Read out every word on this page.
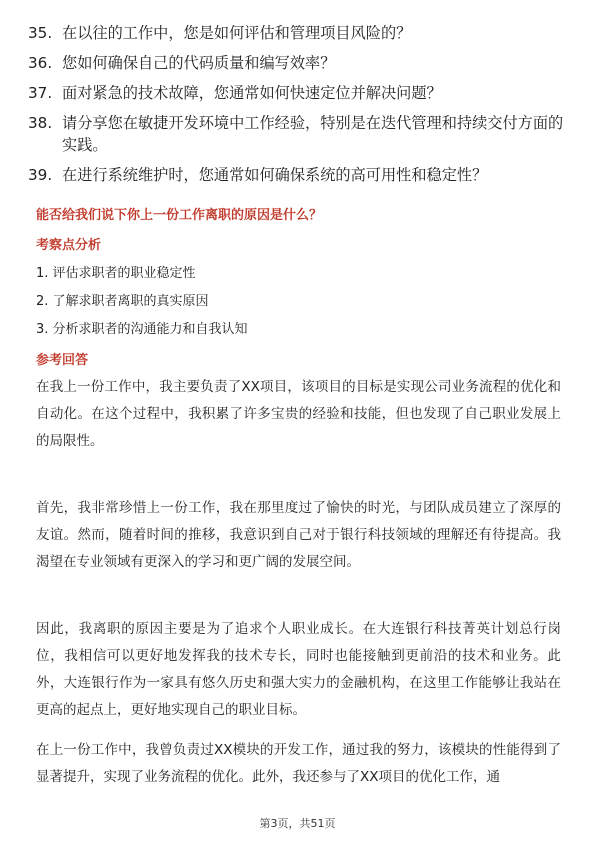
35. 在以往的工作中，您是如何评估和管理项目风险的？
36. 您如何确保自己的代码质量和编写效率？
37. 面对紧急的技术故障，您通常如何快速定位并解决问题？
38. 请分享您在敏捷开发环境中工作经验，特别是在迭代管理和持续交付方面的实践。
39. 在进行系统维护时，您通常如何确保系统的高可用性和稳定性？
能否给我们说下你上一份工作离职的原因是什么？
考察点分析
1. 评估求职者的职业稳定性
2. 了解求职者离职的真实原因
3. 分析求职者的沟通能力和自我认知
参考回答
在我上一份工作中，我主要负责了XX项目，该项目的目标是实现公司业务流程的优化和自动化。在这个过程中，我积累了许多宝贵的经验和技能，但也发现了自己职业发展上的局限性。
首先，我非常珍惜上一份工作，我在那里度过了愉快的时光，与团队成员建立了深厚的友谊。然而，随着时间的推移，我意识到自己对于银行科技领域的理解还有待提高。我渴望在专业领域有更深入的学习和更广阔的发展空间。
因此，我离职的原因主要是为了追求个人职业成长。在大连银行科技菁英计划总行岗位，我相信可以更好地发挥我的技术专长，同时也能接触到更前沿的技术和业务。此外，大连银行作为一家具有悠久历史和强大实力的金融机构，在这里工作能够让我站在更高的起点上，更好地实现自己的职业目标。
在上一份工作中，我曾负责过XX模块的开发工作，通过我的努力，该模块的性能得到了显著提升，实现了业务流程的优化。此外，我还参与了XX项目的优化工作，通
第3页，共51页
